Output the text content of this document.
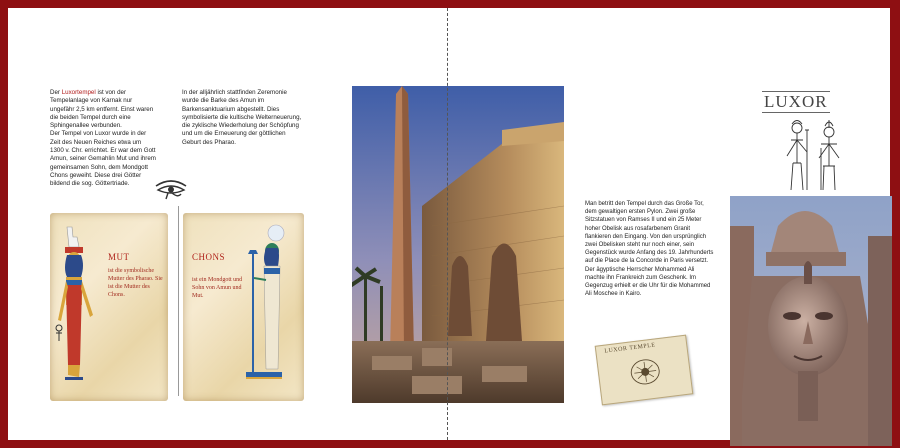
Der Luxortempel ist von der Tempelanlage von Karnak nur ungefähr 2,5 km entfernt. Einst waren die beiden Tempel durch eine Sphingenallee verbunden.

Der Tempel von Luxor wurde in der Zeit des Neuen Reiches etwa um 1300 v. Chr. errichtet. Er war dem Gott Amun, seiner Gemahlin Mut und ihrem gemeinsamen Sohn, dem Mondgott Chons geweiht. Diese drei Götter bildend die sog. Göttertriade.

In der alljährlich stattfinden Zeremonie wurde die Barke des Amun im Barkensanktuarium abgestellt. Dies symbolisierte die kultische Welterneuerung, die zyklische Wiederholung der Schöpfung und um die Erneuerung der göttlichen Geburt des Pharao.

MUT
ist die symbolische Mutter des Pharao. Sie ist die Mutter des Chons.
CHONS
ist ein Mondgott und Sohn von Amun und Mut.
LUXOR

Man betritt den Tempel durch das Große Tor, dem gewaltigen ersten Pylon. Zwei große Sitzstatuen von Ramses II und ein 25 Meter hoher Obelisk aus rosafarbenem Granit flankieren den Eingang. Von den ursprünglich zwei Obelisken steht nur noch einer, sein Gegenstück wurde Anfang des 19. Jahrhunderts auf die Place de la Concorde in Paris versetzt. Der ägyptische Herrscher Mohammed Ali machte ihn Frankreich zum Geschenk. Im Gegenzug erhielt er die Uhr für die Mohammed Ali Moschee in Kairo.

LUXOR TEMPLE
